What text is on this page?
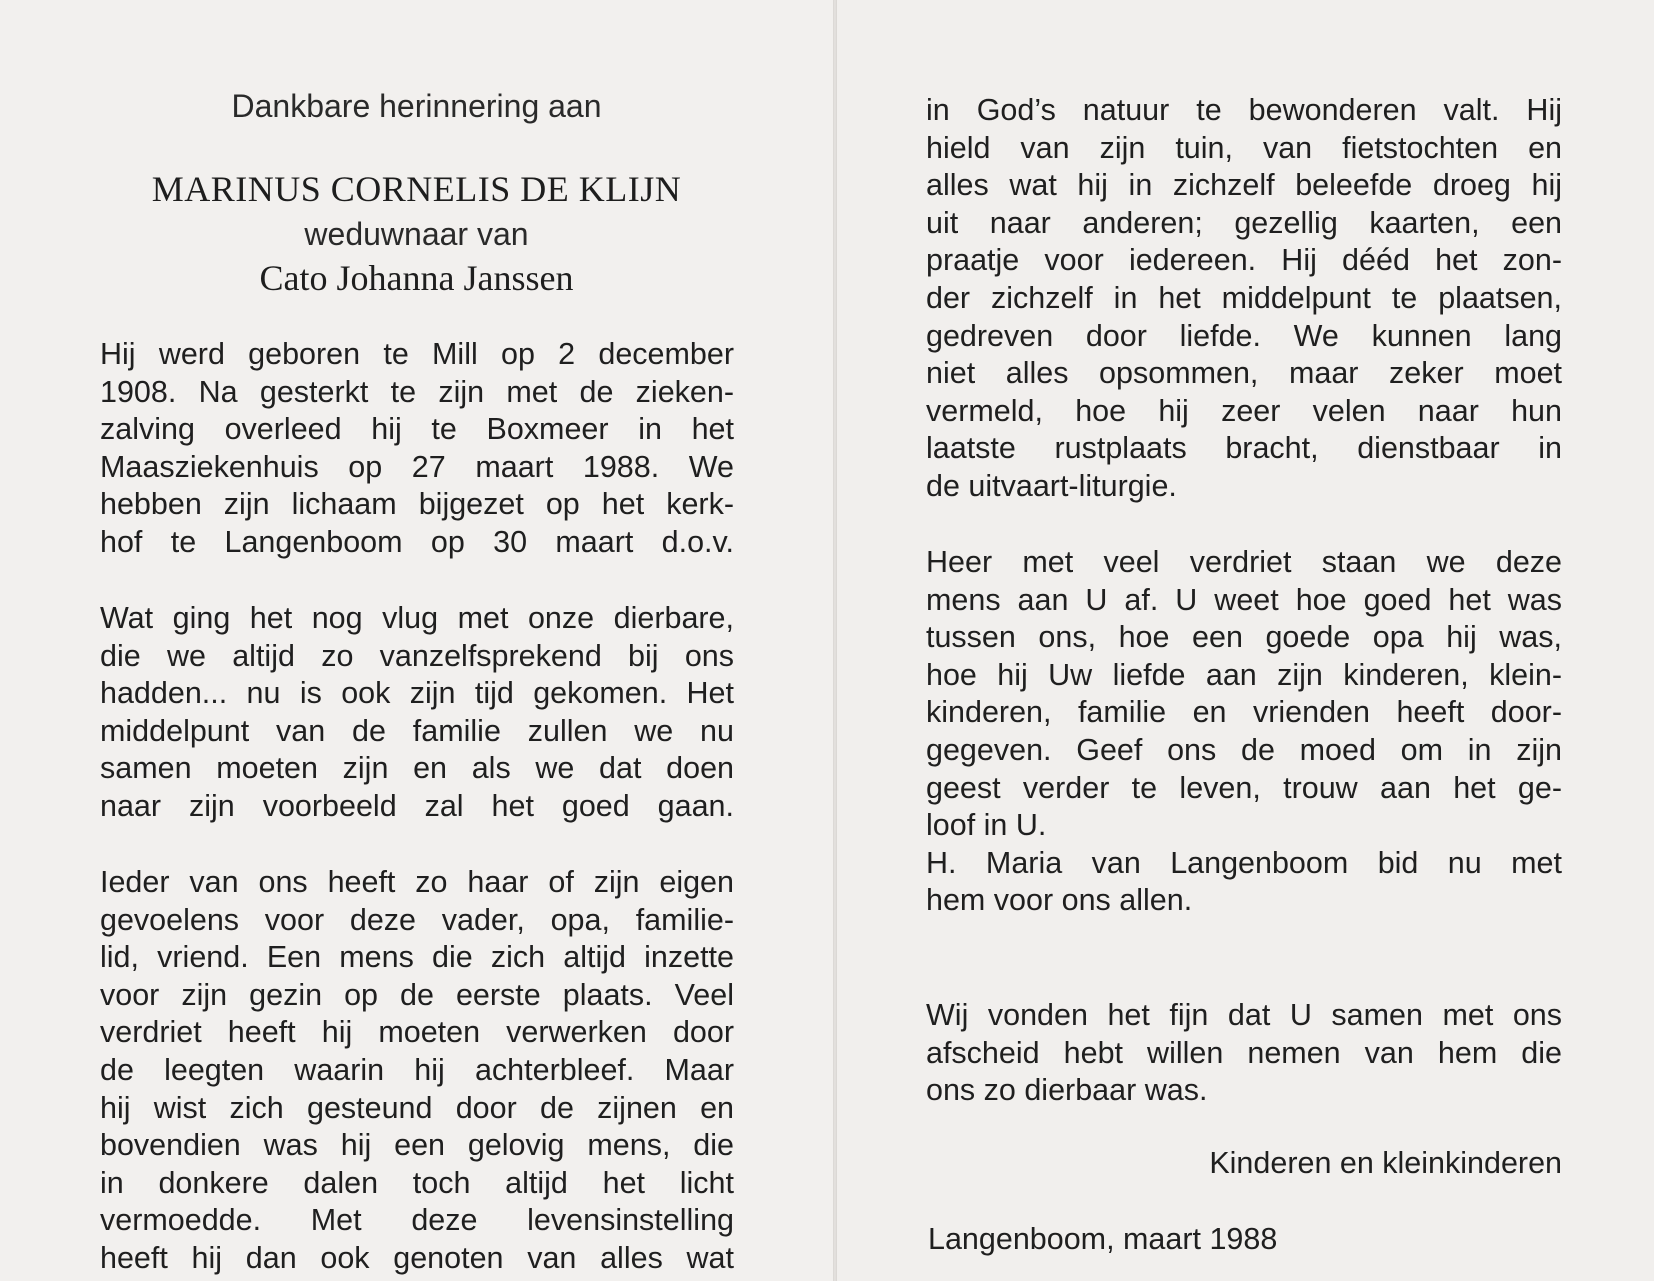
Dankbare herinnering aan
MARINUS CORNELIS DE KLIJN
weduwnaar van
Cato Johanna Janssen
Hij werd geboren te Mill op 2 december
1908. Na gesterkt te zijn met de zieken-
zalving overleed hij te Boxmeer in het
Maasziekenhuis op 27 maart 1988. We
hebben zijn lichaam bijgezet op het kerk-
hof te Langenboom op 30 maart d.o.v.
Wat ging het nog vlug met onze dierbare,
die we altijd zo vanzelfsprekend bij ons
hadden... nu is ook zijn tijd gekomen. Het
middelpunt van de familie zullen we nu
samen moeten zijn en als we dat doen
naar zijn voorbeeld zal het goed gaan.
Ieder van ons heeft zo haar of zijn eigen
gevoelens voor deze vader, opa, familie-
lid, vriend. Een mens die zich altijd inzette
voor zijn gezin op de eerste plaats. Veel
verdriet heeft hij moeten verwerken door
de leegten waarin hij achterbleef. Maar
hij wist zich gesteund door de zijnen en
bovendien was hij een gelovig mens, die
in donkere dalen toch altijd het licht
vermoedde. Met deze levensinstelling
heeft hij dan ook genoten van alles wat
in God’s natuur te bewonderen valt. Hij
hield van zijn tuin, van fietstochten en
alles wat hij in zichzelf beleefde droeg hij
uit naar anderen; gezellig kaarten, een
praatje voor iedereen. Hij dééd het zon-
der zichzelf in het middelpunt te plaatsen,
gedreven door liefde. We kunnen lang
niet alles opsommen, maar zeker moet
vermeld, hoe hij zeer velen naar hun
laatste rustplaats bracht, dienstbaar in
de uitvaart-liturgie.
Heer met veel verdriet staan we deze
mens aan U af. U weet hoe goed het was
tussen ons, hoe een goede opa hij was,
hoe hij Uw liefde aan zijn kinderen, klein-
kinderen, familie en vrienden heeft door-
gegeven. Geef ons de moed om in zijn
geest verder te leven, trouw aan het ge-
loof in U.
H. Maria van Langenboom bid nu met
hem voor ons allen.
Wij vonden het fijn dat U samen met ons
afscheid hebt willen nemen van hem die
ons zo dierbaar was.
Kinderen en kleinkinderen
Langenboom, maart 1988
